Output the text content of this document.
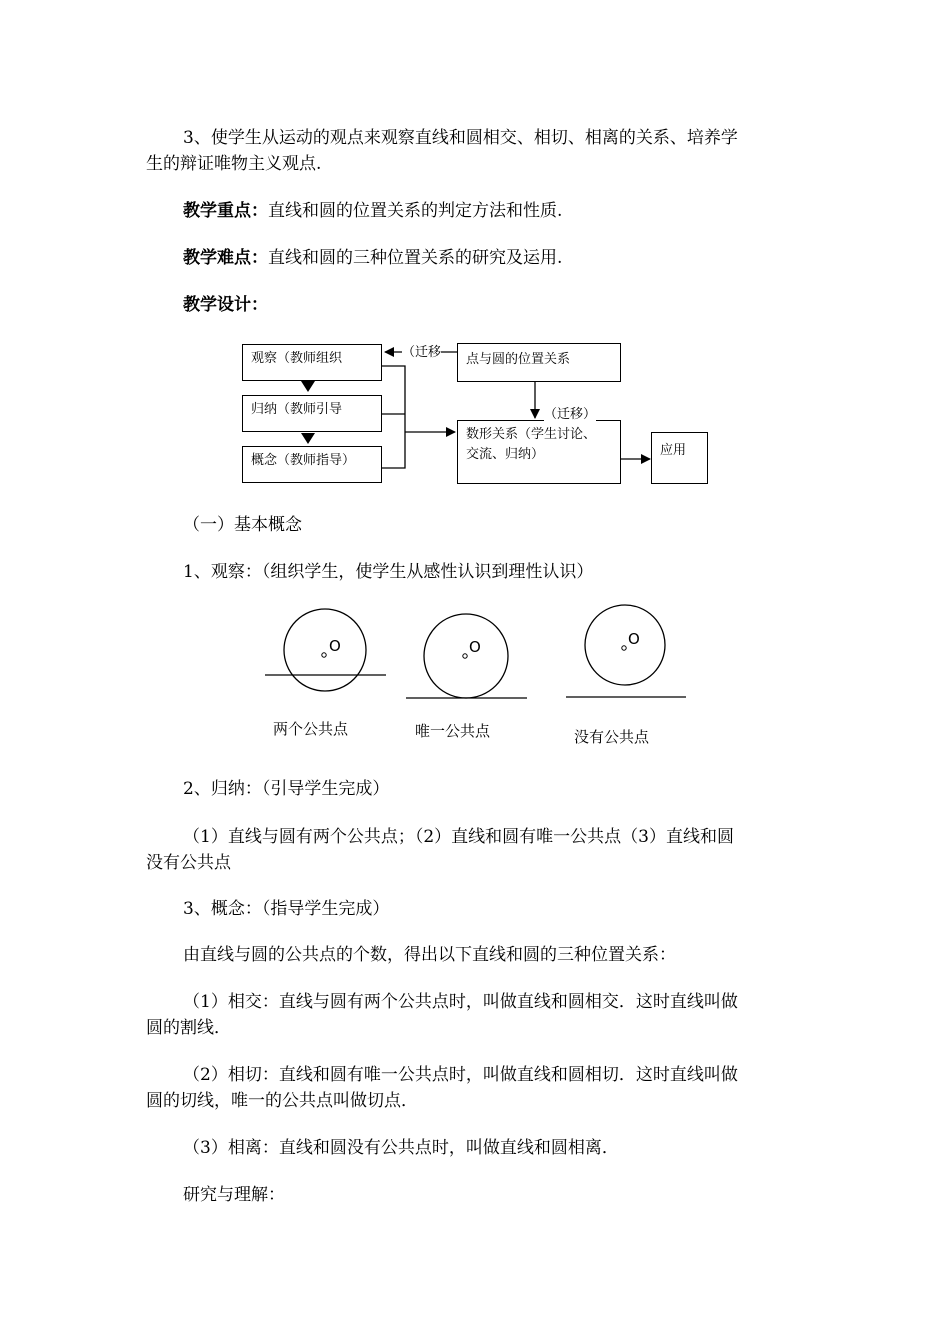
3、使学生从运动的观点来观察直线和圆相交、相切、相离的关系、培养学
生的辩证唯物主义观点.
教学重点：直线和圆的位置关系的判定方法和性质.
教学难点：直线和圆的三种位置关系的研究及运用.
教学设计：
观察（教师组织
归纳（教师引导
概念（教师指导）
点与圆的位置关系
数形关系（学生讨论、
交流、归纳）	应用
（迁移
（迁移）
（一）基本概念
1、观察：（组织学生，使学生从感性认识到理性认识）
O	O	O
两个公共点	唯一公共点	没有公共点
2、归纳：（引导学生完成）
（1）直线与圆有两个公共点；（2）直线和圆有唯一公共点（3）直线和圆
没有公共点
3、概念：（指导学生完成）
由直线与圆的公共点的个数，得出以下直线和圆的三种位置关系：
（1）相交：直线与圆有两个公共点时，叫做直线和圆相交．这时直线叫做
圆的割线．
（2）相切：直线和圆有唯一公共点时，叫做直线和圆相切．这时直线叫做
圆的切线，唯一的公共点叫做切点．
（3）相离：直线和圆没有公共点时，叫做直线和圆相离．
研究与理解：
